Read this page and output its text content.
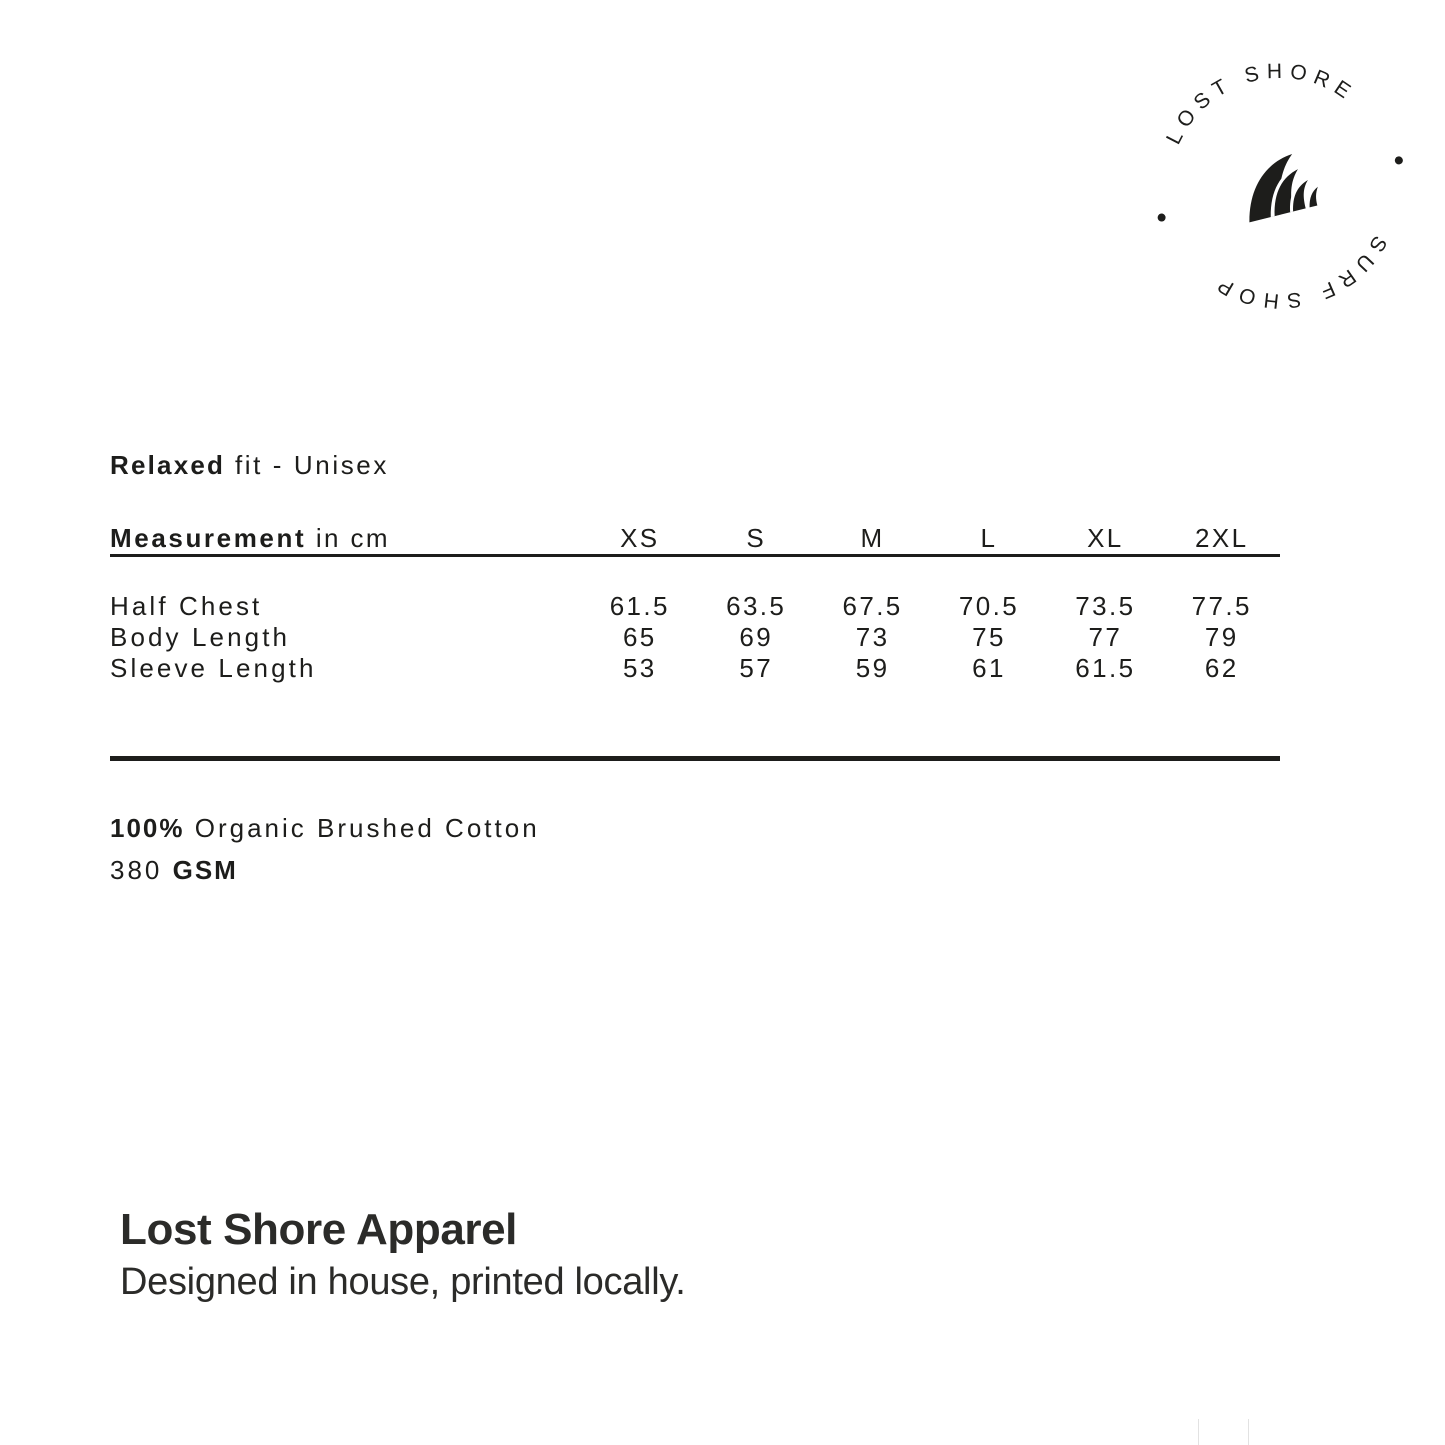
LOST SHORE
SURF SHOP
Relaxed fit - Unisex
Measurement in cm	XS	S	M	L	XL	2XL

Half Chest	61.5	63.5	67.5	70.5	73.5	77.5
Body Length	65	69	73	75	77	79
Sleeve Length	53	57	59	61	61.5	62
100% Organic Brushed Cotton
380 GSM
Lost Shore Apparel
Designed in house, printed locally.
